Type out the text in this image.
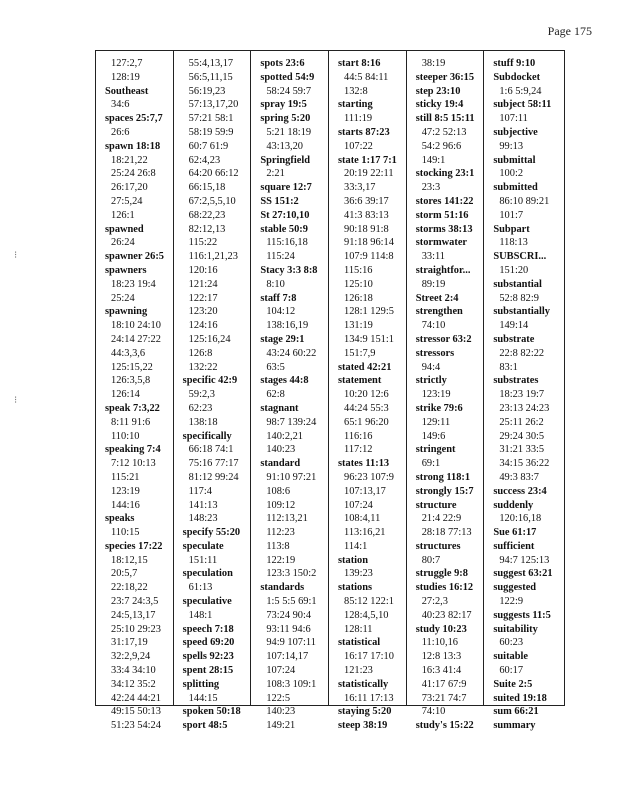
Page 175
⁝
⁝
127:2,7
128:19
Southeast
34:6
spaces 25:7,7
26:6
spawn 18:18
18:21,22
25:24 26:8
26:17,20
27:5,24
126:1
spawned
26:24
spawner 26:5
spawners
18:23 19:4
25:24
spawning
18:10 24:10
24:14 27:22
44:3,3,6
125:15,22
126:3,5,8
126:14
speak 7:3,22
8:11 91:6
110:10
speaking 7:4
7:12 10:13
115:21
123:19
144:16
speaks
110:15
species 17:22
18:12,15
20:5,7
22:18,22
23:7 24:3,5
24:5,13,17
25:10 29:23
31:17,19
32:2,9,24
33:4 34:10
34:12 35:2
42:24 44:21
49:15 50:13
51:23 54:24
55:4,13,17
56:5,11,15
56:19,23
57:13,17,20
57:21 58:1
58:19 59:9
60:7 61:9
62:4,23
64:20 66:12
66:15,18
67:2,5,5,10
68:22,23
82:12,13
115:22
116:1,21,23
120:16
121:24
122:17
123:20
124:16
125:16,24
126:8
132:22
specific 42:9
59:2,3
62:23
138:18
specifically
66:18 74:1
75:16 77:17
81:12 99:24
117:4
141:13
148:23
specify 55:20
speculate
151:11
speculation
61:13
speculative
148:1
speech 7:18
speed 69:20
spells 92:23
spent 28:15
splitting
144:15
spoken 50:18
sport 48:5
spots 23:6
spotted 54:9
58:24 59:7
spray 19:5
spring 5:20
5:21 18:19
43:13,20
Springfield
2:21
square 12:7
SS 151:2
St 27:10,10
stable 50:9
115:16,18
115:24
Stacy 3:3 8:8
8:10
staff 7:8
104:12
138:16,19
stage 29:1
43:24 60:22
63:5
stages 44:8
62:8
stagnant
98:7 139:24
140:2,21
140:23
standard
91:10 97:21
108:6
109:12
112:13,21
112:23
113:8
122:19
123:3 150:2
standards
1:5 5:5 69:1
73:24 90:4
93:11 94:6
94:9 107:11
107:14,17
107:24
108:3 109:1
122:5
140:23
149:21
start 8:16
44:5 84:11
132:8
starting
111:19
starts 87:23
107:22
state 1:17 7:1
20:19 22:11
33:3,17
36:6 39:17
41:3 83:13
90:18 91:8
91:18 96:14
107:9 114:8
115:16
125:10
126:18
128:1 129:5
131:19
134:9 151:1
151:7,9
stated 42:21
statement
10:20 12:6
44:24 55:3
65:1 96:20
116:16
117:12
states 11:13
96:23 107:9
107:13,17
107:24
108:4,11
113:16,21
114:1
station
139:23
stations
85:12 122:1
128:4,5,10
128:11
statistical
16:17 17:10
121:23
statistically
16:11 17:13
staying 5:20
steep 38:19
38:19
steeper 36:15
step 23:10
sticky 19:4
still 8:5 15:11
47:2 52:13
54:2 96:6
149:1
stocking 23:1
23:3
stores 141:22
storm 51:16
storms 38:13
stormwater
33:11
straightfor...
89:19
Street 2:4
strengthen
74:10
stressor 63:2
stressors
94:4
strictly
123:19
strike 79:6
129:11
149:6
stringent
69:1
strong 118:1
strongly 15:7
structure
21:4 22:9
28:18 77:13
structures
80:7
struggle 9:8
studies 16:12
27:2,3
40:23 82:17
study 10:23
11:10,16
12:8 13:3
16:3 41:4
41:17 67:9
73:21 74:7
74:10
study's 15:22
stuff 9:10
Subdocket
1:6 5:9,24
subject 58:11
107:11
subjective
99:13
submittal
100:2
submitted
86:10 89:21
101:7
Subpart
118:13
SUBSCRI...
151:20
substantial
52:8 82:9
substantially
149:14
substrate
22:8 82:22
83:1
substrates
18:23 19:7
23:13 24:23
25:11 26:2
29:24 30:5
31:21 33:5
34:15 36:22
49:3 83:7
success 23:4
suddenly
120:16,18
Sue 61:17
sufficient
94:7 125:13
suggest 63:21
suggested
122:9
suggests 11:5
suitability
60:23
suitable
60:17
Suite 2:5
suited 19:18
sum 66:21
summary
